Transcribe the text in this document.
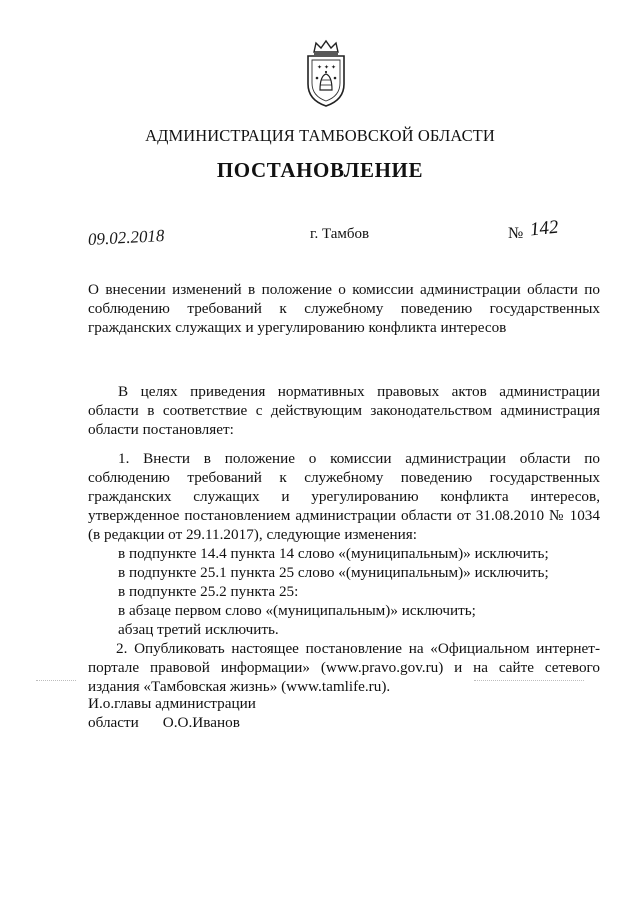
✦ ✦ ✦
АДМИНИСТРАЦИЯ ТАМБОВСКОЙ ОБЛАСТИ
ПОСТАНОВЛЕНИЕ
09.02.2018	г. Тамбов	№ 142

О внесении изменений в положение о комиссии администрации области по

соблюдению требований к служебному поведению государственных

гражданских служащих и урегулированию конфликта интересов

В целях приведения нормативных правовых актов администрации

области в соответствие с действующим законодательством администрация

области постановляет:

1. Внести в положение о комиссии администрации области по

соблюдению требований к служебному поведению государственных

гражданских служащих и урегулированию конфликта интересов,

утвержденное постановлением администрации области от 31.08.2010 № 1034

(в редакции от 29.11.2017), следующие изменения:

в подпункте 14.4 пункта 14 слово «(муниципальным)» исключить;

в подпункте 25.1 пункта 25 слово «(муниципальным)» исключить;

в подпункте 25.2 пункта 25:

в абзаце первом слово «(муниципальным)» исключить;

абзац третий исключить.

2. Опубликовать настоящее постановление на «Официальном интернет-

портале правовой информации» (www.pravo.gov.ru) и на сайте сетевого

издания «Тамбовская жизнь» (www.tamlife.ru).

И.о.главы администрации
области О.О.Иванов
